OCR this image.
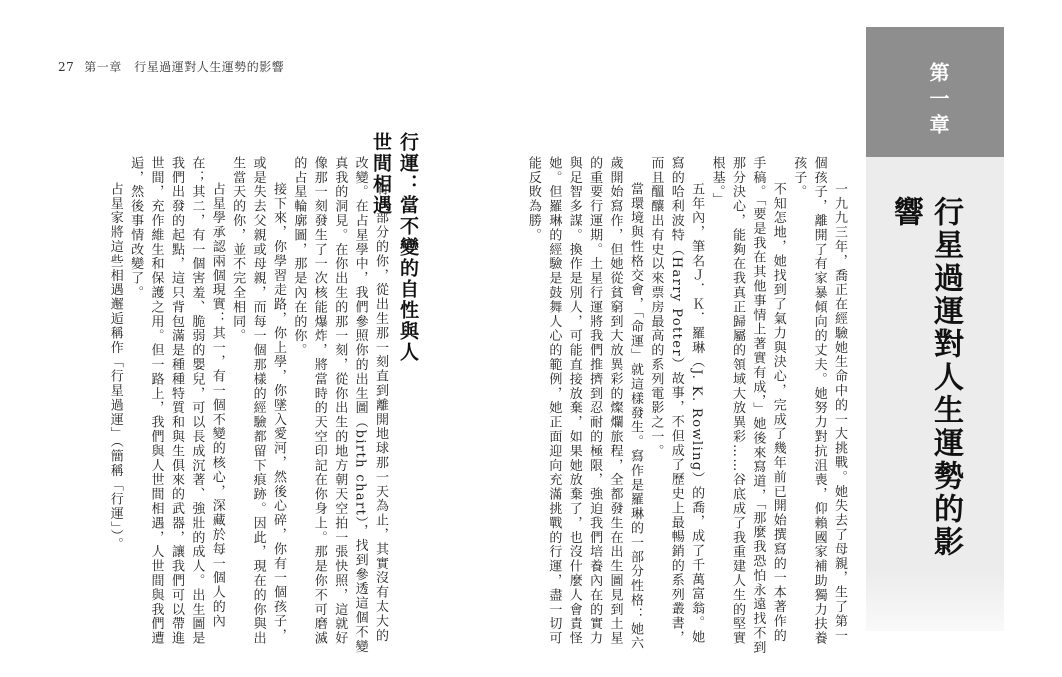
27 第一章　行星過運對人生運勢的影響

一九九三年，喬正在經驗她生命中的一大挑戰。她失去了母親，生了第一個孩子，離開了有家暴傾向的丈夫。她努力對抗沮喪，仰賴國家補助獨力扶養孩子。

不知怎地，她找到了氣力與決心，完成了幾年前已開始撰寫的一本著作的手稿。「要是我在其他事情上著實有成，」她後來寫道，「那麼我恐怕永遠找不到那分決心，能夠在我真正歸屬的領域大放異彩……谷底成了我重建人生的堅實根基。」

五年內，筆名Ｊ．Ｋ．羅琳（J. K. Rowling）的喬，成了千萬富翁。她寫的哈利波特（Harry Potter）故事，不但成了歷史上最暢銷的系列叢書，而且醞釀出有史以來票房最高的系列電影之一。

當環境與性格交會，「命運」就這樣發生。寫作是羅琳的一部分性格：她六歲開始寫作，但她從貧窮到大放異彩的燦爛旅程，全都發生在出生圖見到土星的重要行運期。土星行運將我們推擠到忍耐的極限，強迫我們培養內在的實力與足智多謀。換作是別人，可能直接放棄，如果她放棄了，也沒什麼人會責怪她。但羅琳的經驗是鼓舞人心的範例，她正面迎向充滿挑戰的行運，盡一切可能反敗為勝。

行運：當不變的自性與人世間相遇

有一部分的你，從出生那一刻直到離開地球那一天為止，其實沒有太大的改變。在占星學中，我們參照你的出生圖（birth chart），找到參透這個不變真我的洞見。在你出生的那一刻，從你出生的地方朝天空拍一張快照，這就好像那一刻發生了一次核能爆炸，將當時的天空印記在你身上。那是你不可磨滅的占星輪廓圖，那是內在的你。

接下來，你學習走路，你上學，你墜入愛河，然後心碎，你有一個孩子，或是失去父親或母親，而每一個那樣的經驗都留下痕跡。因此，現在的你與出生當天的你，並不完全相同。

占星學承認兩個現實：其一，有一個不變的核心，深藏於每一個人的內在；其二，有一個害羞、脆弱的嬰兒，可以長成沉著、強壯的成人。出生圖是我們出發的起點，這只背包滿是種種特質和與生俱來的武器，讓我們可以帶進世間，充作維生和保護之用。但一路上，我們與人世間相遇，人世間與我們遭逅，然後事情改變了。

占星家將這些相遇邂逅稱作「行星過運」（簡稱「行運」）。

第一章
行星過運對人生運勢的影響
